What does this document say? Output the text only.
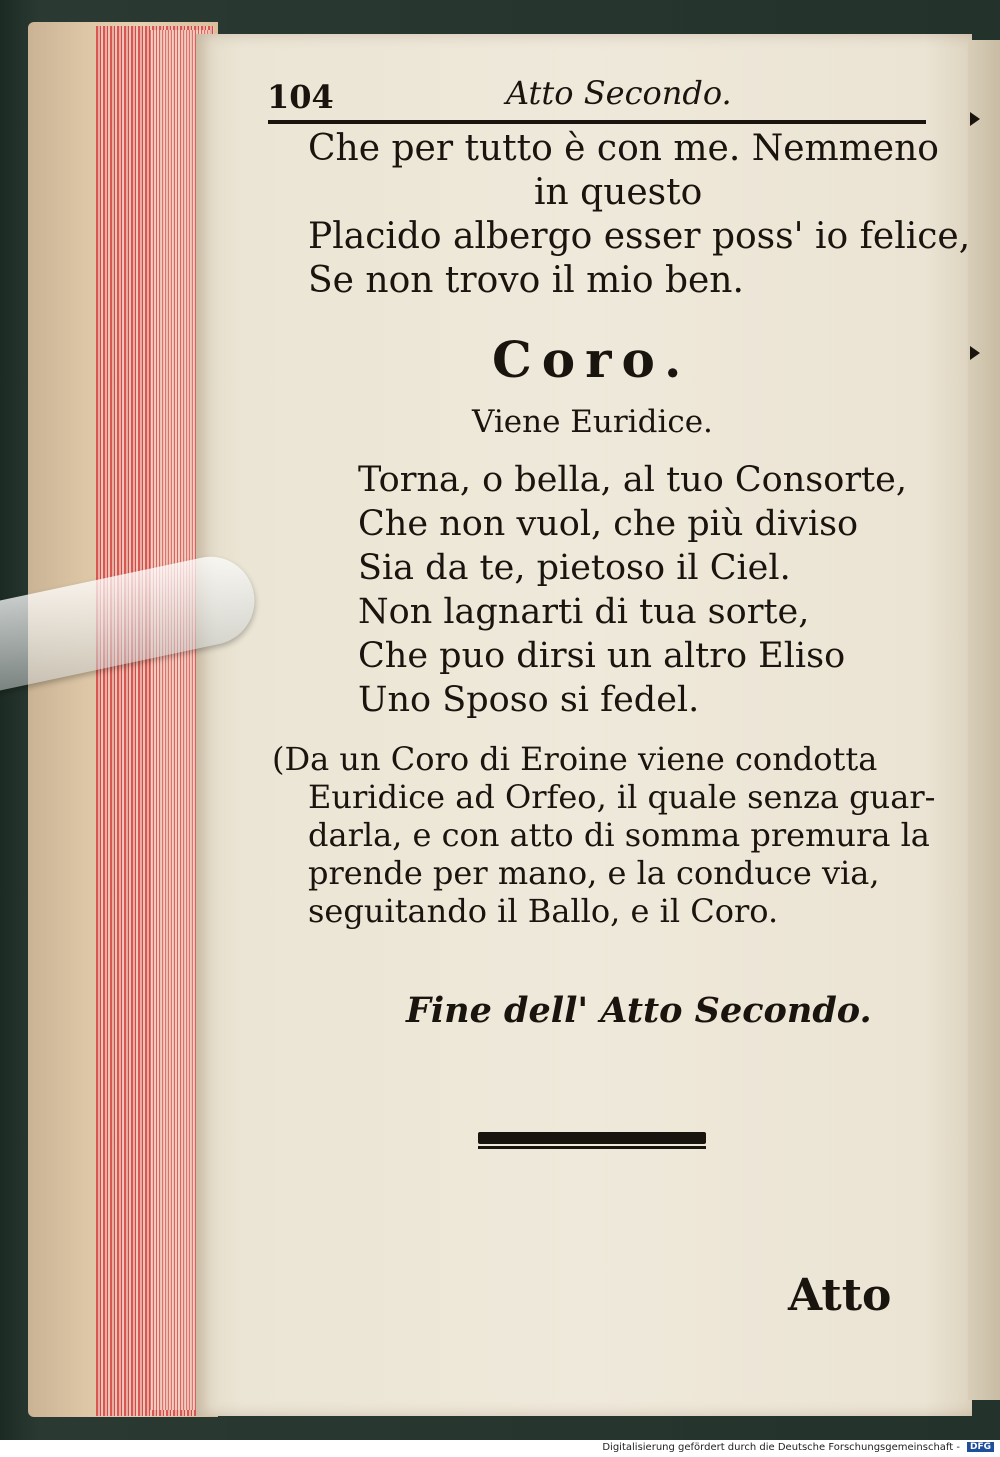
104	Atto Secondo.
Che per tutto è con me. Nemmeno
in questo
Placido albergo esser poss' io felice,
Se non trovo il mio ben.
Coro.
Viene Euridice.
Torna, o bella, al tuo Consorte,
Che non vuol, che più diviso
Sia da te, pietoso il Ciel.
Non lagnarti di tua sorte,
Che puo dirsi un altro Eliso
Uno Sposo si fedel.
(Da un Coro di Eroine viene condotta
Euridice ad Orfeo, il quale senza guar-
darla, e con atto di somma premura la
prende per mano, e la conduce via,
seguitando il Ballo, e il Coro.
Fine dell' Atto Secondo.
Atto
Digitalisierung gefördert durch die Deutsche Forschungsgemeinschaft -	DFG
